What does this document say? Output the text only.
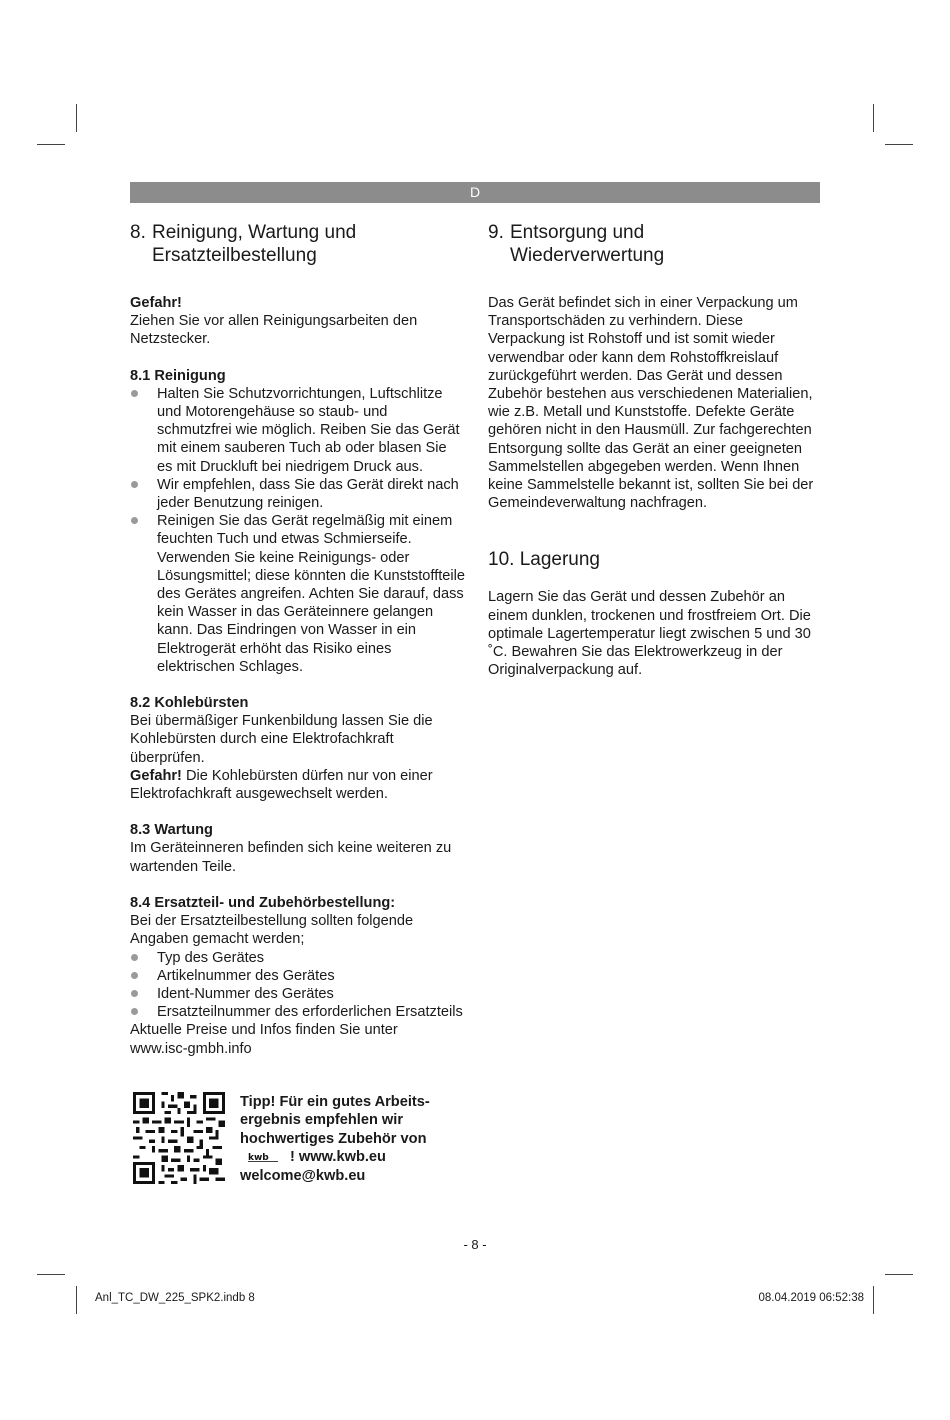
D
8. Reinigung, Wartung und
Ersatzteilbestellung

Gefahr!

Ziehen Sie vor allen Reinigungsarbeiten den Netzstecker.

8.1 Reinigung
Halten Sie Schutzvorrichtungen, Luftschlitze und Motorengehäuse so staub- und schmutzfrei wie möglich. Reiben Sie das Gerät mit einem sauberen Tuch ab oder blasen Sie es mit Druckluft bei niedrigem Druck aus.
Wir empfehlen, dass Sie das Gerät direkt nach jeder Benutzung reinigen.
Reinigen Sie das Gerät regelmäßig mit einem feuchten Tuch und etwas Schmierseife. Verwenden Sie keine Reinigungs- oder Lösungsmittel; diese könnten die Kunststoffteile des Gerätes angreifen. Achten Sie darauf, dass kein Wasser in das Geräteinnere gelangen kann. Das Eindringen von Wasser in ein Elektrogerät erhöht das Risiko eines elektrischen Schlages.
8.2 Kohlebürsten

Bei übermäßiger Funkenbildung lassen Sie die Kohlebürsten durch eine Elektrofachkraft überprüfen.

Gefahr! Die Kohlebürsten dürfen nur von einer Elektrofachkraft ausgewechselt werden.

8.3 Wartung

Im Geräteinneren befinden sich keine weiteren zu wartenden Teile.

8.4 Ersatzteil- und Zubehörbestellung:

Bei der Ersatzteilbestellung sollten folgende Angaben gemacht werden;

Typ des Gerätes
Artikelnummer des Gerätes
Ident-Nummer des Gerätes
Ersatzteilnummer des erforderlichen Ersatzteils

Aktuelle Preise und Infos finden Sie unter
www.isc-gmbh.info

Tipp! Für ein gutes Arbeits-
ergebnis empfehlen wir
hochwertiges Zubehör von
kwb ! www.kwb.eu
welcome@kwb.eu
9. Entsorgung und
Wiederverwertung

Das Gerät befindet sich in einer Verpackung um Transportschäden zu verhindern. Diese Verpackung ist Rohstoff und ist somit wieder verwendbar oder kann dem Rohstoffkreislauf zurückgeführt werden. Das Gerät und dessen Zubehör bestehen aus verschiedenen Materialien, wie z.B. Metall und Kunststoffe. Defekte Geräte gehören nicht in den Hausmüll. Zur fachgerechten Entsorgung sollte das Gerät an einer geeigneten Sammelstellen abgegeben werden. Wenn Ihnen keine Sammelstelle bekannt ist, sollten Sie bei der Gemeindeverwaltung nachfragen.

10. Lagerung

Lagern Sie das Gerät und dessen Zubehör an einem dunklen, trockenen und frostfreiem Ort. Die optimale Lagertemperatur liegt zwischen 5 und 30 ˚C. Bewahren Sie das Elektrowerkzeug in der Originalverpackung auf.

- 8 -
Anl_TC_DW_225_SPK2.indb 8	08.04.2019 06:52:38
